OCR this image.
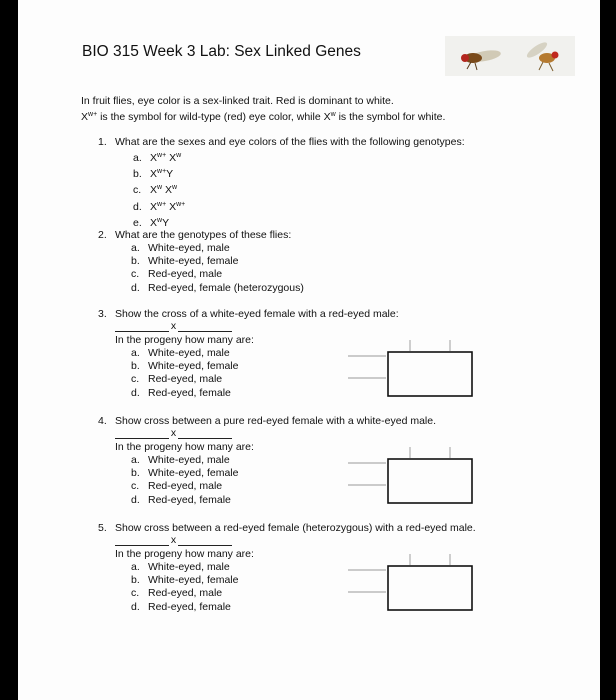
BIO 315 Week 3 Lab: Sex Linked Genes
In fruit flies, eye color is a sex-linked trait. Red is dominant to white.
$X^{w+}$ is the symbol for wild-type (red) eye color, while $X^w$ is the symbol for white.
1. What are the sexes and eye colors of the flies with the following genotypes:
a. $X^{w+}$ $X^w$
b. $X^{w+}Y$
c. $X^w$ $X^w$
d. $X^{w+}$ $X^{w+}$
e. $X^wY$
2. What are the genotypes of these flies:
a. White-eyed, male
b. White-eyed, female
c. Red-eyed, male
d. Red-eyed, female (heterozygous)
3. Show the cross of a white-eyed female with a red-eyed male:
x
In the progeny how many are:
a. White-eyed, male
b. White-eyed, female
c. Red-eyed, male
d. Red-eyed, female
4. Show cross between a pure red-eyed female with a white-eyed male.
x
In the progeny how many are:
a. White-eyed, male
b. White-eyed, female
c. Red-eyed, male
d. Red-eyed, female
5. Show cross between a red-eyed female (heterozygous) with a red-eyed male.
x
In the progeny how many are:
a. White-eyed, male
b. White-eyed, female
c. Red-eyed, male
d. Red-eyed, female
